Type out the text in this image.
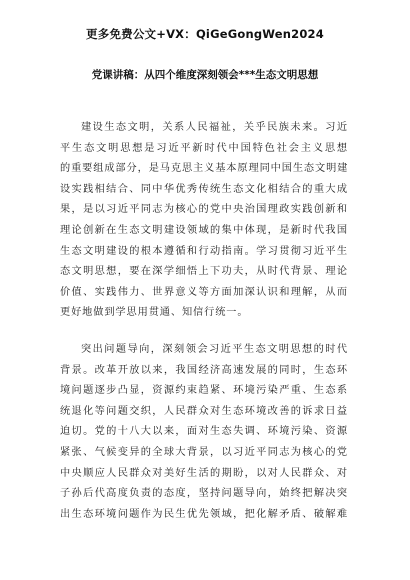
更多免费公文+VX：QiGeGongWen2024
党课讲稿：从四个维度深刻领会***生态文明思想

建设生态文明，关系人民福祉，关乎民族未来。习近
平生态文明思想是习近平新时代中国特色社会主义思想
的重要组成部分，是马克思主义基本原理同中国生态文明建
设实践相结合、同中华优秀传统生态文化相结合的重大成
果，是以习近平同志为核心的党中央治国理政实践创新和
理论创新在生态文明建设领域的集中体现，是新时代我国
生态文明建设的根本遵循和行动指南。学习贯彻习近平生
态文明思想，要在深学细悟上下功夫，从时代背景、理论
价值、实践伟力、世界意义等方面加深认识和理解，从而
更好地做到学思用贯通、知信行统一。

突出问题导向，深刻领会习近平生态文明思想的时代
背景。改革开放以来，我国经济高速发展的同时，生态环
境问题逐步凸显，资源约束趋紧、环境污染严重、生态系
统退化等问题交织，人民群众对生态环境改善的诉求日益
迫切。党的十八大以来，面对生态失调、环境污染、资源
紧张、气候变异的全球大背景，以习近平同志为核心的党
中央顺应人民群众对美好生活的期盼，以对人民群众、对
子孙后代高度负责的态度，坚持问题导向，始终把解决突
出生态环境问题作为民生优先领域，把化解矛盾、破解难
